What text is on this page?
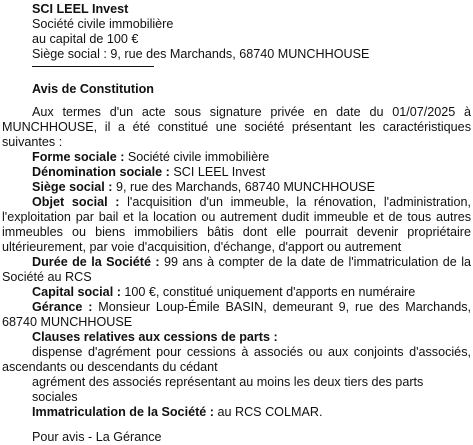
SCI LEEL Invest

Société civile immobilière

au capital de 100 €

Siège social : 9, rue des Marchands, 68740 MUNCHHOUSE

Avis de Constitution

Aux termes d'un acte sous signature privée en date du 01/07/2025 à MUNCHHOUSE, il a été constitué une société présentant les caractéristiques suivantes :

Forme sociale : Société civile immobilière

Dénomination sociale : SCI LEEL Invest

Siège social : 9, rue des Marchands, 68740 MUNCHHOUSE

Objet social : l'acquisition d'un immeuble, la rénovation, l'administration, l'exploitation par bail et la location ou autrement dudit immeuble et de tous autres immeubles ou biens immobiliers bâtis dont elle pourrait devenir propriétaire ultérieurement, par voie d'acquisition, d'échange, d'apport ou autrement

Durée de la Société : 99 ans à compter de la date de l'immatriculation de la Société au RCS

Capital social : 100 €, constitué uniquement d'apports en numéraire

Gérance : Monsieur Loup-Émile BASIN, demeurant 9, rue des Marchands, 68740 MUNCHHOUSE

Clauses relatives aux cessions de parts :

dispense d'agrément pour cessions à associés ou aux conjoints d'associés, ascendants ou descendants du cédant

agrément des associés représentant au moins les deux tiers des parts sociales

Immatriculation de la Société : au RCS COLMAR.

Pour avis - La Gérance
